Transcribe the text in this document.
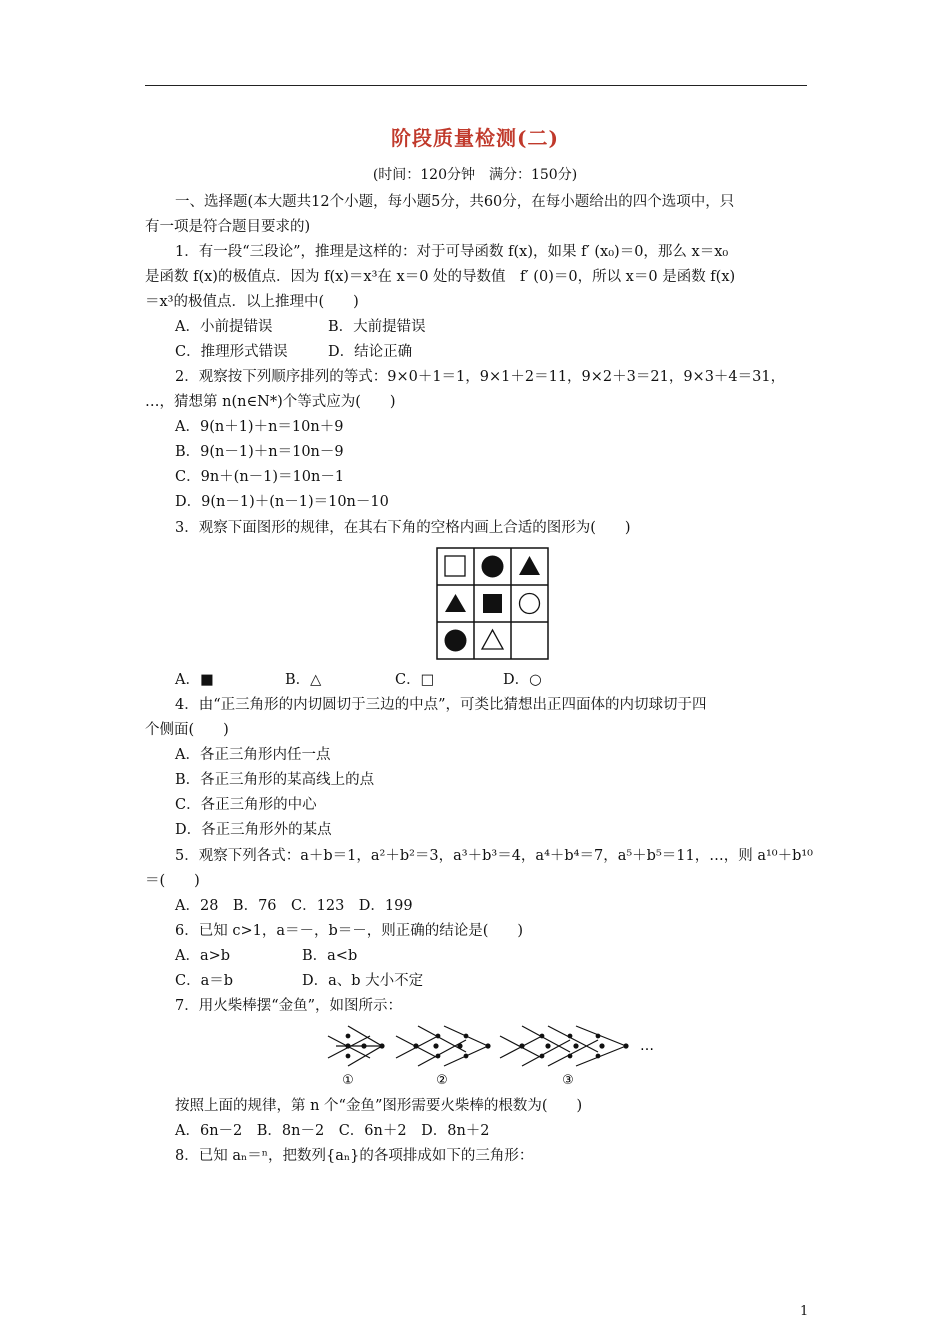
阶段质量检测(二)
(时间：120分钟　满分：150分)
一、选择题(本大题共12个小题，每小题5分，共60分，在每小题给出的四个选项中，只
有一项是符合题目要求的)
1．有一段“三段论”，推理是这样的：对于可导函数 f(x)，如果 f′ (x₀)＝0，那么 x＝x₀
是函数 f(x)的极值点．因为 f(x)＝x³在 x＝0 处的导数值　f′ (0)＝0，所以 x＝0 是函数 f(x)
＝x³的极值点．以上推理中(　　)
A．小前提错误	B．大前提错误
C．推理形式错误	D．结论正确
2．观察按下列顺序排列的等式：9×0＋1＝1，9×1＋2＝11，9×2＋3＝21，9×3＋4＝31，
…，猜想第 n(n∈N*)个等式应为(　　)
A．9(n＋1)＋n＝10n＋9
B．9(n－1)＋n＝10n－9
C．9n＋(n－1)＝10n－1
D．9(n－1)＋(n－1)＝10n－10
3．观察下面图形的规律，在其右下角的空格内画上合适的图形为(　　)
A．■	B．△	C．□	D．○
4．由“正三角形的内切圆切于三边的中点”，可类比猜想出正四面体的内切球切于四
个侧面(　　)
A．各正三角形内任一点
B．各正三角形的某高线上的点
C．各正三角形的中心
D．各正三角形外的某点
5．观察下列各式：a＋b＝1，a²＋b²＝3，a³＋b³＝4，a⁴＋b⁴＝7，a⁵＋b⁵＝11，…，则 a¹⁰＋b¹⁰
＝(　　)
A．28　B．76　C．123　D．199
6．已知 c>1，a＝－，b＝－，则正确的结论是(　　)
A．a>b	B．a<b
C．a＝b	D．a、b 大小不定
7．用火柴棒摆“金鱼”，如图所示：
①	②	③
…
按照上面的规律，第 n 个“金鱼”图形需要火柴棒的根数为(　　)
A．6n－2　B．8n－2　C．6n＋2　D．8n＋2
8．已知 aₙ＝ⁿ，把数列{aₙ}的各项排成如下的三角形：
1
